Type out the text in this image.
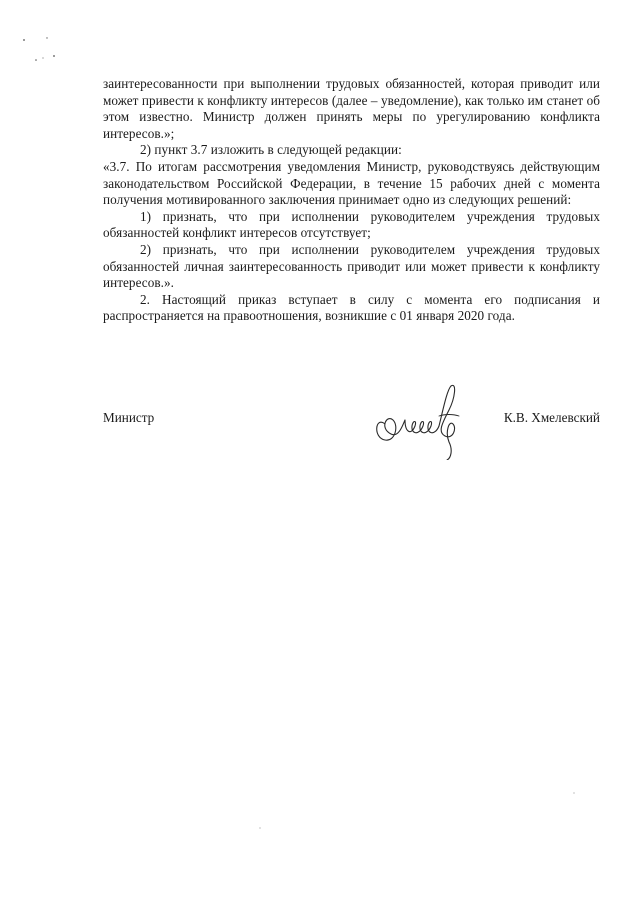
заинтересованности при выполнении трудовых обязанностей, которая приводит или может привести к конфликту интересов (далее – уведомление), как только им станет об этом известно. Министр должен принять меры по урегулированию конфликта интересов.»;

2) пункт 3.7 изложить в следующей редакции:

«3.7. По итогам рассмотрения уведомления Министр, руководствуясь действующим законодательством Российской Федерации, в течение 15 рабочих дней с момента получения мотивированного заключения принимает одно из следующих решений:

1) признать, что при исполнении руководителем учреждения трудовых обязанностей конфликт интересов отсутствует;

2) признать, что при исполнении руководителем учреждения трудовых обязанностей личная заинтересованность приводит или может привести к конфликту интересов.».

2. Настоящий приказ вступает в силу с момента его подписания и распространяется на правоотношения, возникшие с 01 января 2020 года.

Министр	К.В. Хмелевский
